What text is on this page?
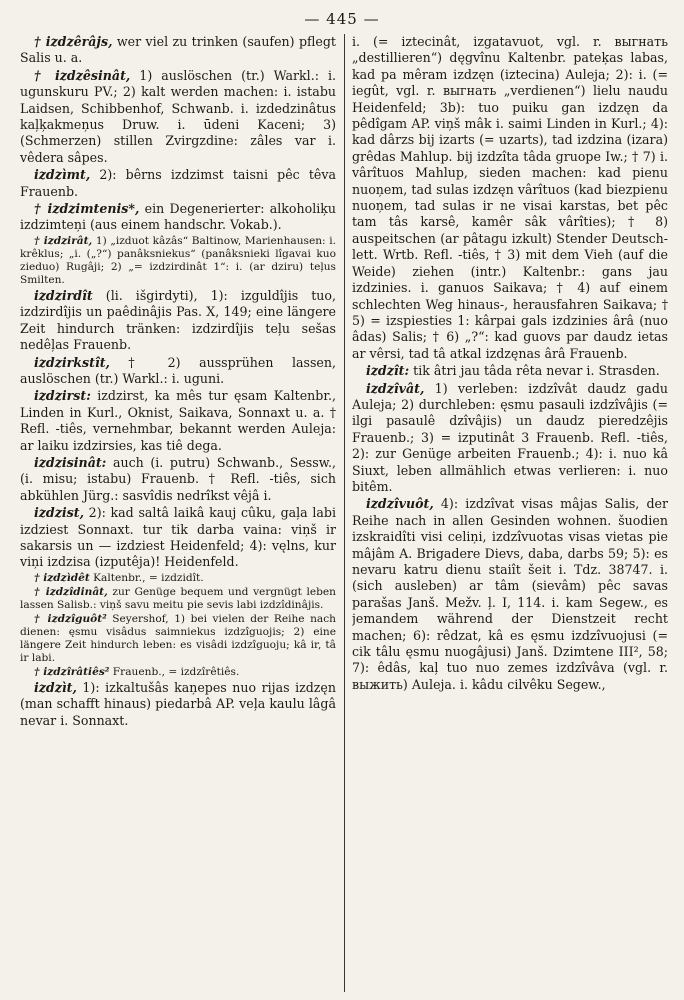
— 445 —

† izdzêrâjs, wer viel zu trinken (saufen) pflegt Salis u. a.

† izdzêsinât, 1) auslöschen (tr.) Warkl.: i. ugunskuru PV.; 2) kalt werden machen: i. istabu Laidsen, Schibbenhof, Schwanb. i. izdedzinâtus kaļķakmeņus Druw. i. ūdeni Kaceni; 3) (Schmerzen) stillen Zvirgzdine: zâles var i. vêdera sâpes.

izdzìmt, 2): bêrns izdzimst taisni pêc têva Frauenb.

† izdzimtenis*, ein Degenerierter: alkoholiķu izdzimteņi (aus einem handschr. Vokab.).

† izdzirât, 1) „izduot kâzâs“ Baltinow, Marienhausen: i. krêklus; „i. („?“) panâksniekus“ (panâksnieki lîgavai kuo zieduo) Rugâji; 2) „= izdzirdinât 1“: i. (ar dziru) teļus Smilten.

izdzirdît (li. išgirdyti), 1): izguldîjis tuo, izdzirdîjis un paêdinâjis Pas. X, 149; eine längere Zeit hindurch tränken: izdzirdîjis teļu sešas nedêļas Frauenb.

izdzirkstît, † 2) aussprühen lassen, auslöschen (tr.) Warkl.: i. uguni.

izdzirst: izdzirst, ka mês tur ęsam Kaltenbr., Linden in Kurl., Oknist, Saikava, Sonnaxt u. a. † Refl. -tiês, vernehmbar, bekannt werden Auleja: ar laiku izdzirsies, kas tiê dega.

izdzisinât: auch (i. putru) Schwanb., Sessw., (i. misu; istabu) Frauenb. † Refl. -tiês, sich abkühlen Jürg.: sasvîdis nedrîkst vêjâ i.

izdzist, 2): kad saltâ laikâ kauj cûku, gaļa labi izdziest Sonnaxt. tur tik darba vaina: viņš ir sakarsis un — izdziest Heidenfeld; 4): vęlns, kur viņi izdzisa (izputêja)! Heidenfeld.

† izdzìdêt Kaltenbr., = izdzidît.

† izdzîdinât, zur Genüge bequem und vergnügt leben lassen Salisb.: viņš savu meitu pie sevis labi izdzîdinâjis.

† izdzîguôt² Seyershof, 1) bei vielen der Reihe nach dienen: ęsmu visâdus saimniekus izdzîguojis; 2) eine längere Zeit hindurch leben: es visâdi izdzîguoju; kâ ir, tâ ir labi.

† izdzîrâtiês² Frauenb., = izdzîrêtiês.

izdzìt, 1): izkaltušâs kaņepes nuo rijas izdzęn (man schafft hinaus) piedarbâ AP. veļa kaulu lâgâ nevar i. Sonnaxt.

i. (= iztecinât, izgatavuot, vgl. r. выгнать „destillieren“) dęgvînu Kaltenbr. pateķas labas, kad pa mêram izdzęn (iztecina) Auleja; 2): i. (= iegût, vgl. r. выгнать „verdienen“) lielu naudu Heidenfeld; 3b): tuo puiku gan izdzęn da pêdîgam AP. viņš mâk i. saimi Linden in Kurl.; 4): kad dârzs bij izarts (= uzarts), tad izdzina (izara) grêdas Mahlup. bij izdzîta tâda gruope Iw.; † 7) i. vârîtuos Mahlup, sieden machen: kad pienu nuoņem, tad sulas izdzęn vârîtuos (kad biezpienu nuoņem, tad sulas ir ne visai karstas, bet pêc tam tâs karsê, kamêr sâk vârîties); † 8) auspeitschen (ar pâtagu izkult) Stender Deutsch-lett. Wrtb. Refl. -tiês, † 3) mit dem Vieh (auf die Weide) ziehen (intr.) Kaltenbr.: gans jau izdzinies. i. ganuos Saikava; † 4) auf einem schlechten Weg hinaus-, herausfahren Saikava; † 5) = izspiesties 1: kârpai gals izdzinies ârâ (nuo âdas) Salis; † 6) „?“: kad guovs par daudz ietas ar vêrsi, tad tâ atkal izdzęnas ârâ Frauenb.

izdzît: tik âtri jau tâda rêta nevar i. Strasden.

izdzîvât, 1) verleben: izdzîvât daudz gadu Auleja; 2) durchleben: ęsmu pasauli izdzîvâjis (= ilgi pasaulê dzîvâjis) un daudz pieredzêjis Frauenb.; 3) = izputinât 3 Frauenb. Refl. -tiês, 2): zur Genüge arbeiten Frauenb.; 4): i. nuo kâ Siuxt, leben allmählich etwas verlieren: i. nuo bitêm.

izdzîvuôt, 4): izdzîvat visas mâjas Salis, der Reihe nach in allen Gesinden wohnen. šuodien izskraidîti visi celiņi, izdzîvuotas visas vietas pie mâjâm A. Brigadere Dievs, daba, darbs 59; 5): es nevaru katru dienu staiît šeit i. Tdz. 38747. i. (sich ausleben) ar tâm (sievâm) pêc savas parašas Janš. Mežv. ļ. I, 114. i. kam Segew., es jemandem während der Dienstzeit recht machen; 6): rêdzat, kâ es ęsmu izdzîvuojusi (= cik tâlu ęsmu nuogâjusi) Janš. Dzimtene III², 58; 7): êdâs, kaļ tuo nuo zemes izdzîvâva (vgl. r. выжить) Auleja. i. kâdu cilvêku Segew.,
